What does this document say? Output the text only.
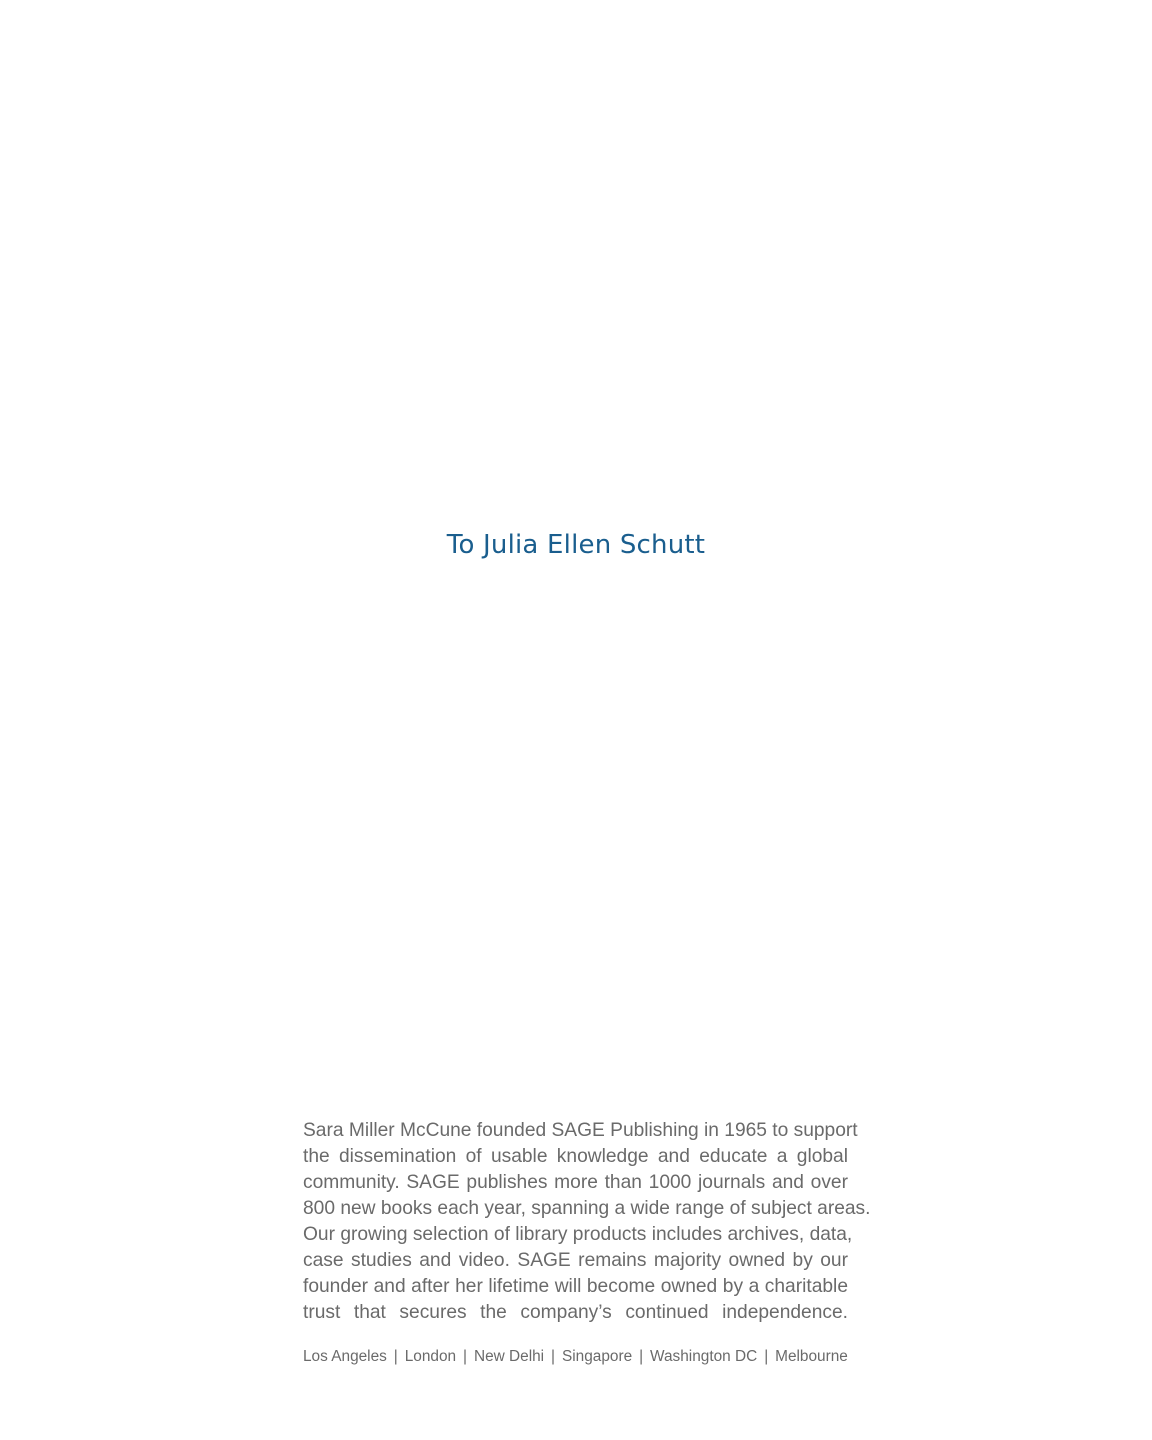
To Julia Ellen Schutt

Sara Miller McCune founded SAGE Publishing in 1965 to support
the dissemination of usable knowledge and educate a global
community. SAGE publishes more than 1000 journals and over
800 new books each year, spanning a wide range of subject areas.
Our growing selection of library products includes archives, data,
case studies and video. SAGE remains majority owned by our
founder and after her lifetime will become owned by a charitable
trust that secures the company’s continued independence.

Los Angeles | London | New Delhi | Singapore | Washington DC | Melbourne
